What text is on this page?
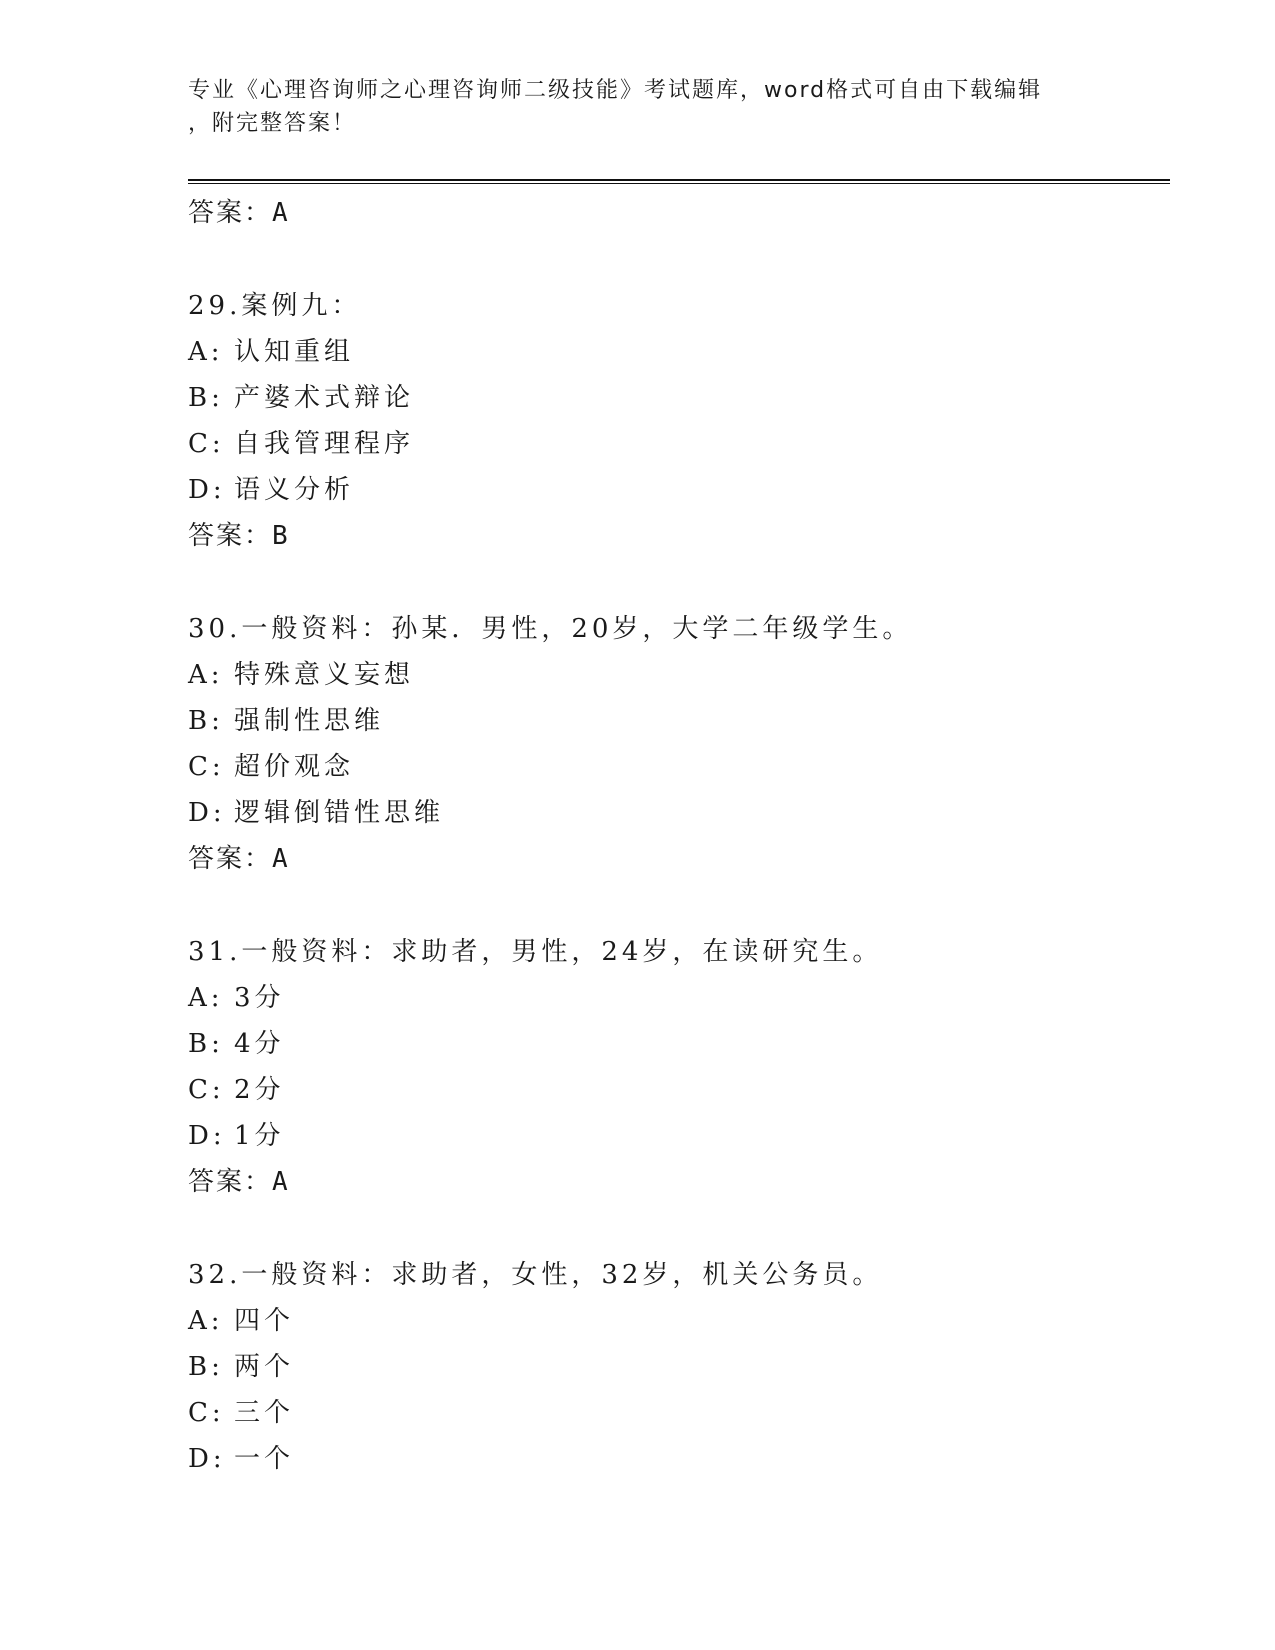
专业《心理咨询师之心理咨询师二级技能》考试题库，word格式可自由下载编辑
，附完整答案！
答案：A
29.案例九：
A: 认知重组
B: 产婆术式辩论
C: 自我管理程序
D: 语义分析
答案：B
30.一般资料：孙某．男性，20岁，大学二年级学生。
A: 特殊意义妄想
B: 强制性思维
C: 超价观念
D: 逻辑倒错性思维
答案：A
31.一般资料：求助者，男性，24岁，在读研究生。
A: 3分
B: 4分
C: 2分
D: 1分
答案：A
32.一般资料：求助者，女性，32岁，机关公务员。
A: 四个
B: 两个
C: 三个
D: 一个
